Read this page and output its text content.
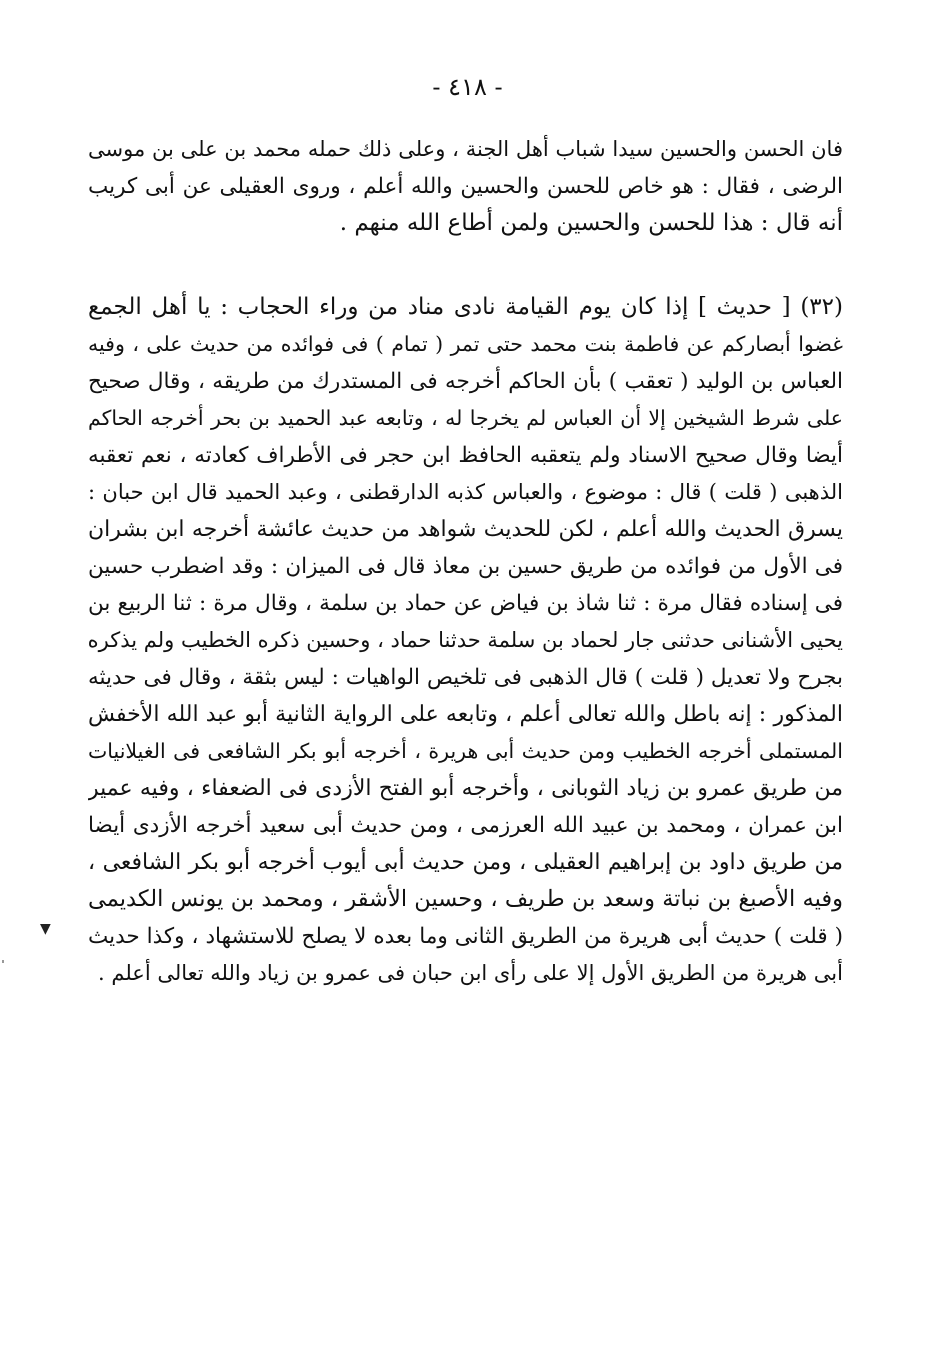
- ٤١٨ -
فان الحسن والحسين سيدا شباب أهل الجنة ، وعلى ذلك حمله محمد بن على بن موسى
الرضى ، فقال : هو خاص للحسن والحسين والله أعلم ، وروى العقيلى عن أبى كريب
أنه قال : هذا للحسن والحسين ولمن أطاع الله منهم .
(٣٢) [ حديث ] إذا كان يوم القيامة نادى مناد من وراء الحجاب : يا أهل الجمع
غضوا أبصاركم عن فاطمة بنت محمد حتى تمر ( تمام ) فى فوائده من حديث على ، وفيه
العباس بن الوليد ( تعقب ) بأن الحاكم أخرجه فى المستدرك من طريقه ، وقال صحيح
على شرط الشيخين إلا أن العباس لم يخرجا له ، وتابعه عبد الحميد بن بحر أخرجه الحاكم
أيضا وقال صحيح الاسناد ولم يتعقبه الحافظ ابن حجر فى الأطراف كعادته ، نعم تعقبه
الذهبى ( قلت ) قال : موضوع ، والعباس كذبه الدارقطنى ، وعبد الحميد قال ابن حبان :
يسرق الحديث والله أعلم ، لكن للحديث شواهد من حديث عائشة أخرجه ابن بشران
فى الأول من فوائده من طريق حسين بن معاذ قال فى الميزان : وقد اضطرب حسين
فى إسناده فقال مرة : ثنا شاذ بن فياض عن حماد بن سلمة ، وقال مرة : ثنا الربيع بن
يحيى الأشنانى حدثنى جار لحماد بن سلمة حدثنا حماد ، وحسين ذكره الخطيب ولم يذكره
بجرح ولا تعديل ( قلت ) قال الذهبى فى تلخيص الواهيات : ليس بثقة ، وقال فى حديثه
المذكور : إنه باطل والله تعالى أعلم ، وتابعه على الرواية الثانية أبو عبد الله الأخفش
المستملى أخرجه الخطيب ومن حديث أبى هريرة ، أخرجه أبو بكر الشافعى فى الغيلانيات
من طريق عمرو بن زياد الثوبانى ، وأخرجه أبو الفتح الأزدى فى الضعفاء ، وفيه عمير
ابن عمران ، ومحمد بن عبيد الله العرزمى ، ومن حديث أبى سعيد أخرجه الأزدى أيضا
من طريق داود بن إبراهيم العقيلى ، ومن حديث أبى أيوب أخرجه أبو بكر الشافعى ،
وفيه الأصبغ بن نباتة وسعد بن طريف ، وحسين الأشقر ، ومحمد بن يونس الكديمى
( قلت ) حديث أبى هريرة من الطريق الثانى وما بعده لا يصلح للاستشهاد ، وكذا حديث
أبى هريرة من الطريق الأول إلا على رأى ابن حبان فى عمرو بن زياد والله تعالى أعلم .
▼
